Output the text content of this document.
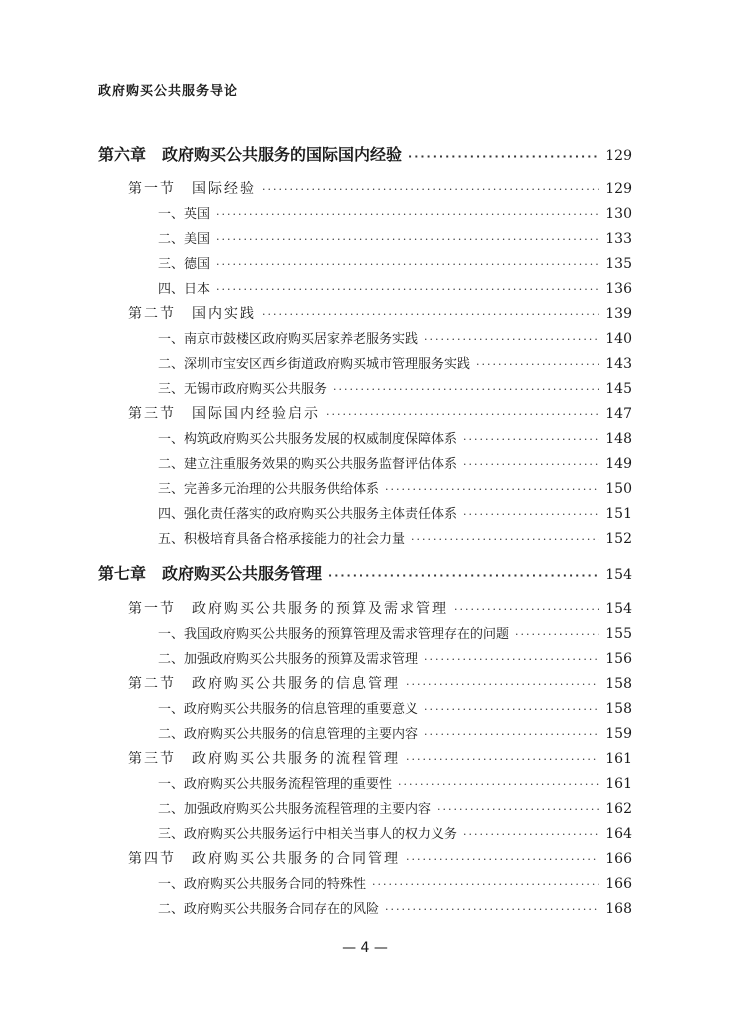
政府购买公共服务导论
第六章　政府购买公共服务的国际国内经验 ·····	129
第一节　国际经验 ·····	129
一、英国 ·····	130
二、美国 ·····	133
三、德国 ·····	135
四、日本 ·····	136
第二节　国内实践 ·····	139
一、南京市鼓楼区政府购买居家养老服务实践 ·····	140
二、深圳市宝安区西乡街道政府购买城市管理服务实践 ·····	143
三、无锡市政府购买公共服务 ·····	145
第三节　国际国内经验启示 ·····	147
一、构筑政府购买公共服务发展的权威制度保障体系 ·····	148
二、建立注重服务效果的购买公共服务监督评估体系 ·····	149
三、完善多元治理的公共服务供给体系 ·····	150
四、强化责任落实的政府购买公共服务主体责任体系 ·····	151
五、积极培育具备合格承接能力的社会力量 ·····	152
第七章　政府购买公共服务管理 ·····	154
第一节　政府购买公共服务的预算及需求管理 ·····	154
一、我国政府购买公共服务的预算管理及需求管理存在的问题 ·····	155
二、加强政府购买公共服务的预算及需求管理 ·····	156
第二节　政府购买公共服务的信息管理 ·····	158
一、政府购买公共服务的信息管理的重要意义 ·····	158
二、政府购买公共服务的信息管理的主要内容 ·····	159
第三节　政府购买公共服务的流程管理 ·····	161
一、政府购买公共服务流程管理的重要性 ·····	161
二、加强政府购买公共服务流程管理的主要内容 ·····	162
三、政府购买公共服务运行中相关当事人的权力义务 ·····	164
第四节　政府购买公共服务的合同管理 ·····	166
一、政府购买公共服务合同的特殊性 ·····	166
二、政府购买公共服务合同存在的风险 ·····	168
— 4 —
